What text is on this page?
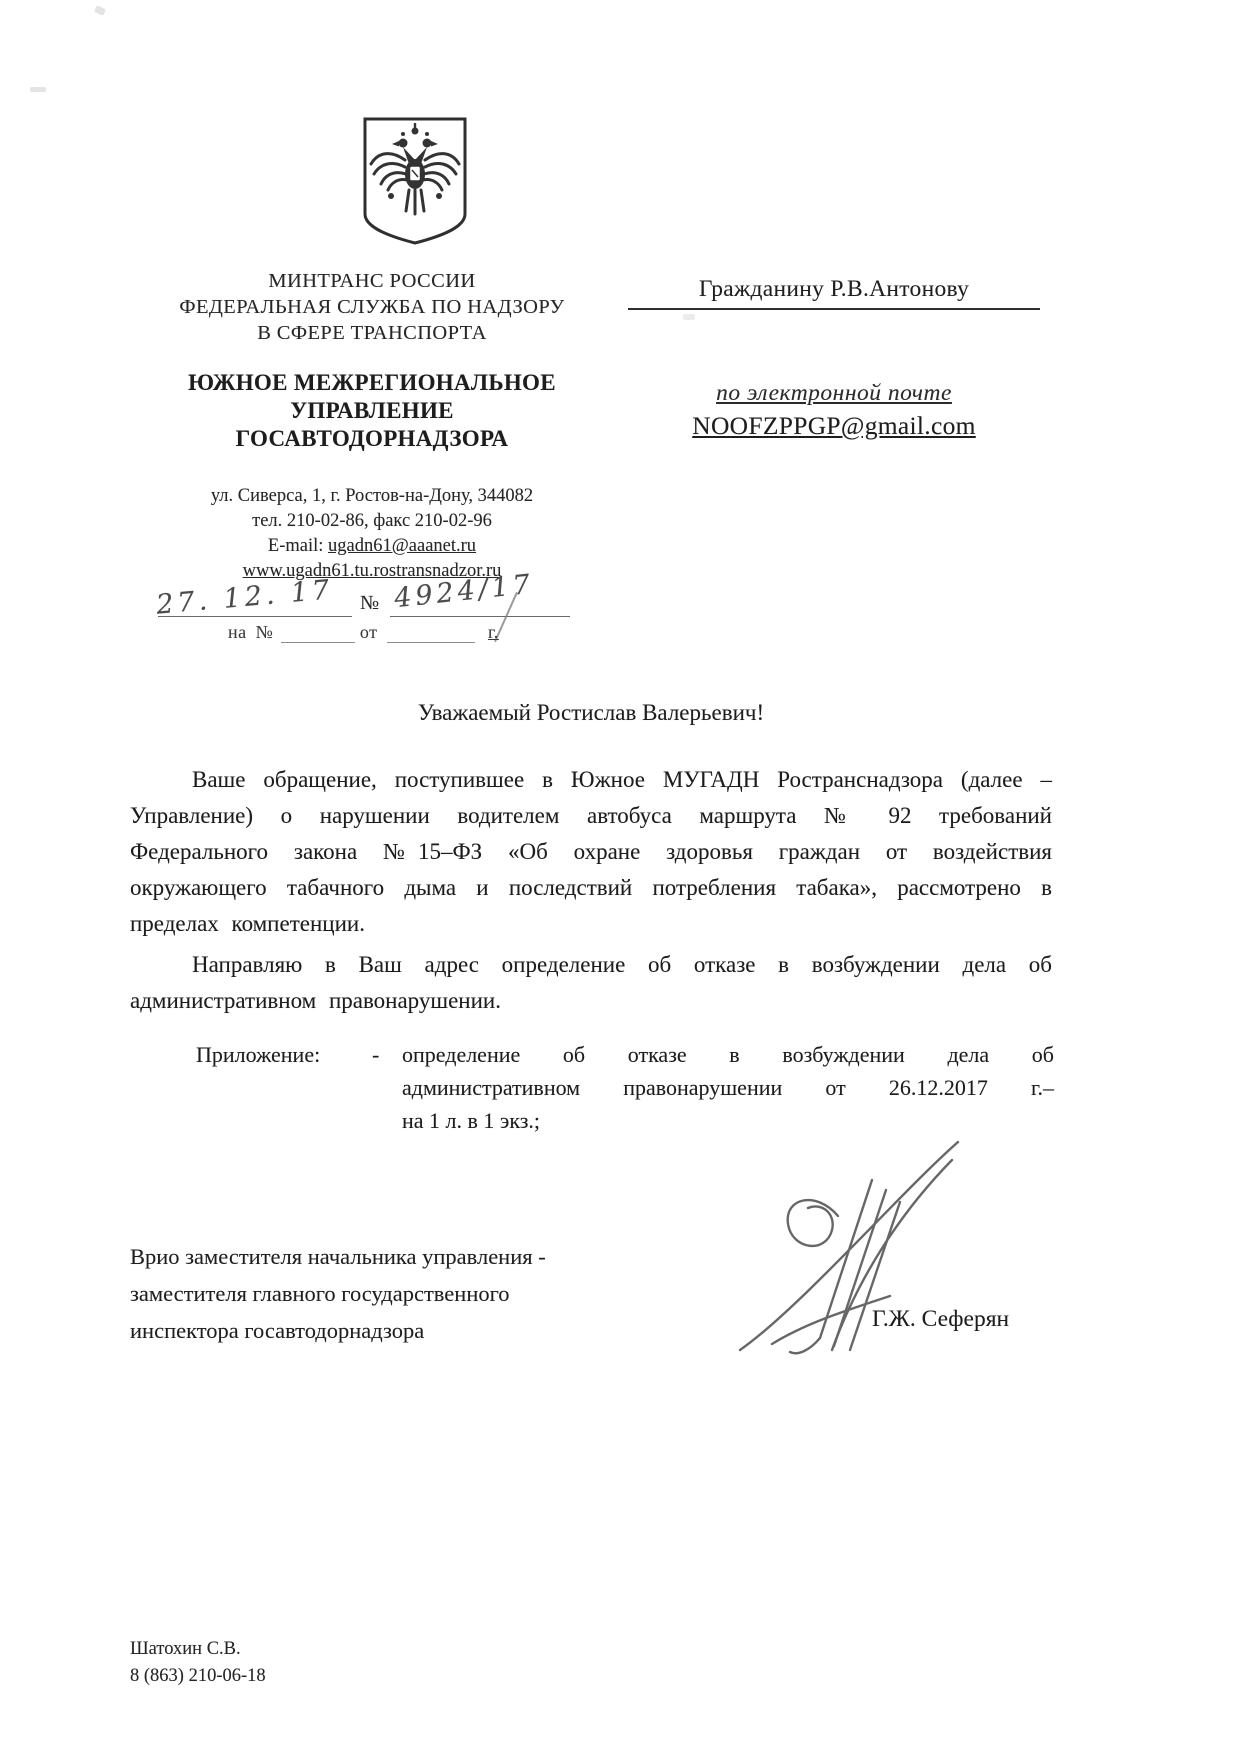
МИНТРАНС РОССИИ
ФЕДЕРАЛЬНАЯ СЛУЖБА ПО НАДЗОРУ
В СФЕРЕ ТРАНСПОРТА
ЮЖНОЕ МЕЖРЕГИОНАЛЬНОЕ
УПРАВЛЕНИЕ
ГОСАВТОДОРНАДЗОРА
ул. Сиверса, 1, г. Ростов-на-Дону, 344082
тел. 210-02-86, факс 210-02-96
E-mail: ugadn61@aaanet.ru
www.ugadn61.tu.rostransnadzor.ru
27. 12. 17 № 4924/17
на №	от	г.
Гражданину Р.В.Антонову
по электронной почте
NOOFZPPGP@gmail.com
Уважаемый Ростислав Валерьевич!

Ваше обращение, поступившее в Южное МУГАДН Ространснадзора (далее – Управление) о нарушении водителем автобуса маршрута № 92 требований Федерального закона №15–ФЗ «Об охране здоровья граждан от воздействия окружающего табачного дыма и последствий потребления табака», рассмотрено в пределах компетенции.

Направляю в Ваш адрес определение об отказе в возбуждении дела об административном правонарушении.

Приложение:	-	определение об отказе в возбуждении дела об
административном правонарушении от 26.12.2017 г.–
на 1 л. в 1 экз.;
Врио заместителя начальника управления -
заместителя главного государственного
инспектора госавтодорнадзора	Г.Ж. Сеферян
Шатохин С.В.
8 (863) 210-06-18
